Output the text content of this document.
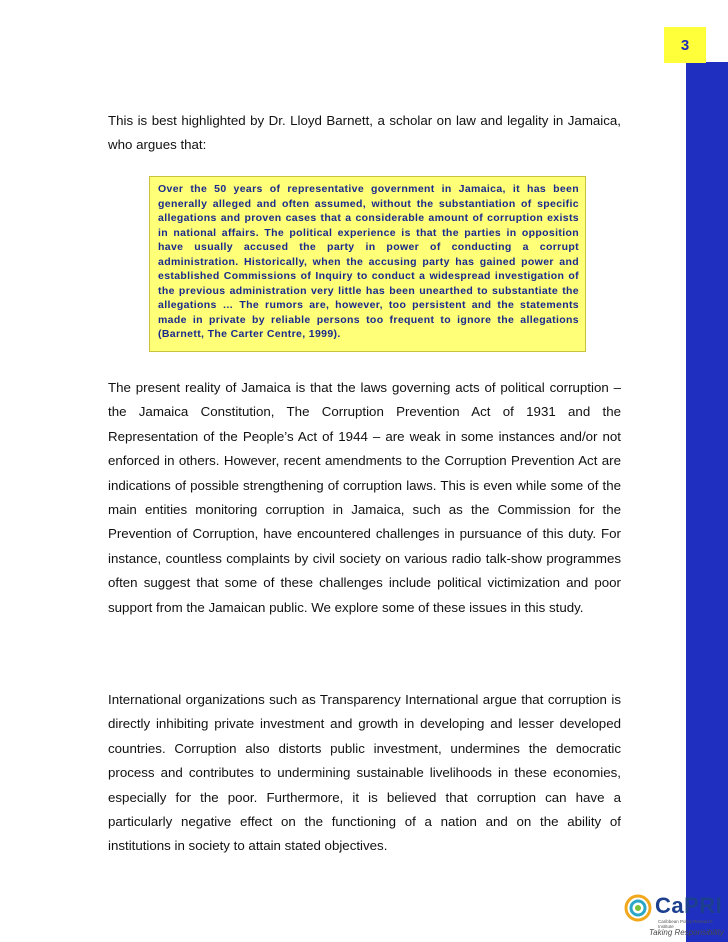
3

This is best highlighted by Dr. Lloyd Barnett, a scholar on law and legality in Jamaica, who argues that:

Over the 50 years of representative government in Jamaica, it has been generally alleged and often assumed, without the substantiation of specific allegations and proven cases that a considerable amount of corruption exists in national affairs. The political experience is that the parties in opposition have usually accused the party in power of conducting a corrupt administration. Historically, when the accusing party has gained power and established Commissions of Inquiry to conduct a widespread investigation of the previous administration very little has been unearthed to substantiate the allegations … The rumors are, however, too persistent and the statements made in private by reliable persons too frequent to ignore the allegations (Barnett, The Carter Centre, 1999).

The present reality of Jamaica is that the laws governing acts of political corruption – the Jamaica Constitution, The Corruption Prevention Act of 1931 and the Representation of the People’s Act of 1944 – are weak in some instances and/or not enforced in others. However, recent amendments to the Corruption Prevention Act are indications of possible strengthening of corruption laws. This is even while some of the main entities monitoring corruption in Jamaica, such as the Commission for the Prevention of Corruption, have encountered challenges in pursuance of this duty. For instance, countless complaints by civil society on various radio talk-show programmes often suggest that some of these challenges include political victimization and poor support from the Jamaican public. We explore some of these issues in this study.

International organizations such as Transparency International argue that corruption is directly inhibiting private investment and growth in developing and lesser developed countries. Corruption also distorts public investment, undermines the democratic process and contributes to undermining sustainable livelihoods in these economies, especially for the poor. Furthermore, it is believed that corruption can have a particularly negative effect on the functioning of a nation and on the ability of institutions in society to attain stated objectives.

CaPRI
Caribbean Policy Research Institute
Taking Responsibility
